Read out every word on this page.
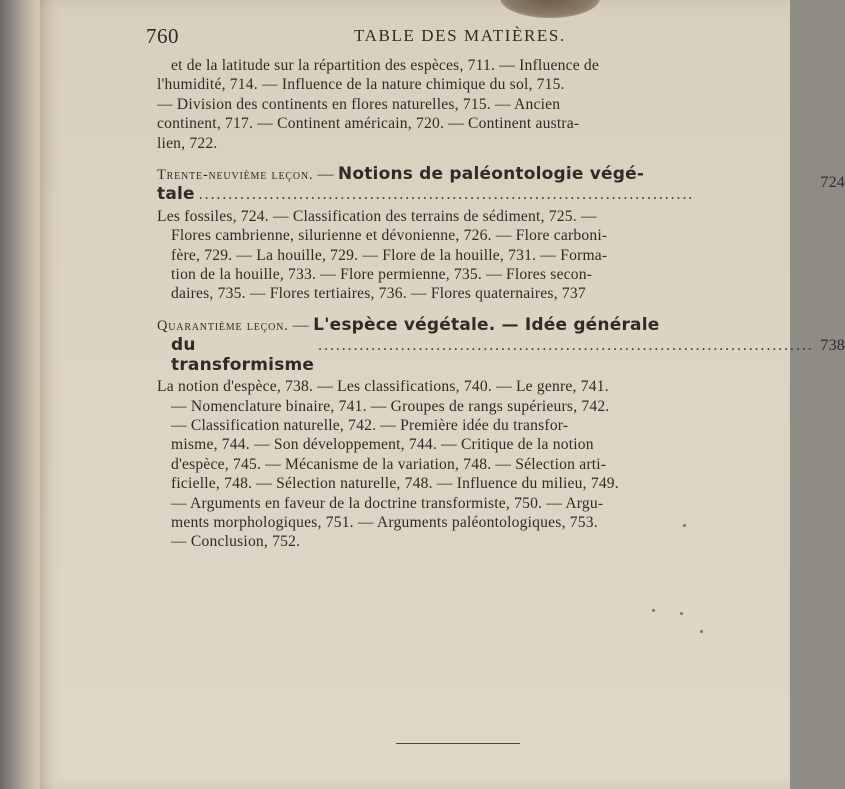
760	TABLE DES MATIÈRES.
et de la latitude sur la répartition des espèces, 711. — Influence de
l'humidité, 714. — Influence de la nature chimique du sol, 715.
— Division des continents en flores naturelles, 715. — Ancien
continent, 717. — Continent américain, 720. — Continent austra-
lien, 722.
Trente-neuvième leçon. — Notions de paléontologie végé-
tale ....................................................................................
724
Les fossiles, 724. — Classification des terrains de sédiment, 725. —
Flores cambrienne, silurienne et dévonienne, 726. — Flore carboni-
fère, 729. — La houille, 729. — Flore de la houille, 731. — Forma-
tion de la houille, 733. — Flore permienne, 735. — Flores secon-
daires, 735. — Flores tertiaires, 736. — Flores quaternaires, 737
Quarantième leçon. — L'espèce végétale. — Idée générale
du transformisme
.................................................................................... 738
La notion d'espèce, 738. — Les classifications, 740. — Le genre, 741.
— Nomenclature binaire, 741. — Groupes de rangs supérieurs, 742.
— Classification naturelle, 742. — Première idée du transfor-
misme, 744. — Son développement, 744. — Critique de la notion
d'espèce, 745. — Mécanisme de la variation, 748. — Sélection arti-
ficielle, 748. — Sélection naturelle, 748. — Influence du milieu, 749.
— Arguments en faveur de la doctrine transformiste, 750. — Argu-
ments morphologiques, 751. — Arguments paléontologiques, 753.
— Conclusion, 752.
